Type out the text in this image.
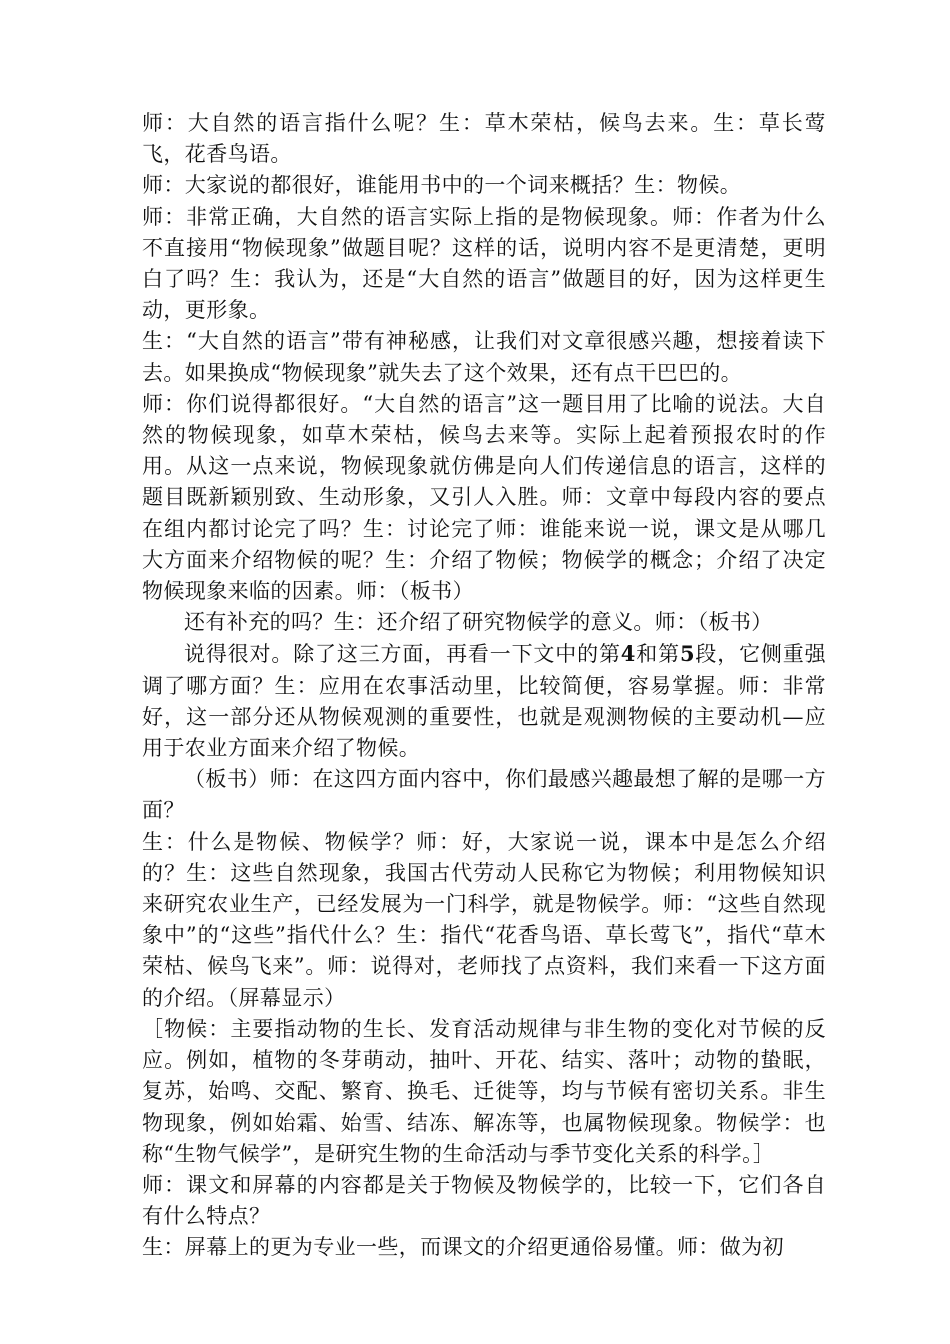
师：大自然的语言指什么呢？生：草木荣枯，候鸟去来。生：草长莺飞，花香鸟语。

师：大家说的都很好，谁能用书中的一个词来概括？生：物候。

师：非常正确，大自然的语言实际上指的是物候现象。师：作者为什么不直接用“物候现象”做题目呢？这样的话，说明内容不是更清楚，更明白了吗？生：我认为，还是“大自然的语言”做题目的好，因为这样更生动，更形象。

生：“大自然的语言”带有神秘感，让我们对文章很感兴趣，想接着读下去。如果换成“物候现象”就失去了这个效果，还有点干巴巴的。

师：你们说得都很好。“大自然的语言”这一题目用了比喻的说法。大自然的物候现象，如草木荣枯，候鸟去来等。实际上起着预报农时的作用。从这一点来说，物候现象就仿佛是向人们传递信息的语言，这样的题目既新颖别致、生动形象，又引人入胜。师：文章中每段内容的要点在组内都讨论完了吗？生：讨论完了师：谁能来说一说，课文是从哪几大方面来介绍物候的呢？生：介绍了物候；物候学的概念；介绍了决定物候现象来临的因素。师：（板书）

还有补充的吗？生：还介绍了研究物候学的意义。师：（板书）

说得很对。除了这三方面，再看一下文中的第4和第5段，它侧重强调了哪方面？生：应用在农事活动里，比较简便，容易掌握。师：非常好，这一部分还从物候观测的重要性，也就是观测物候的主要动机—应用于农业方面来介绍了物候。

（板书）师：在这四方面内容中，你们最感兴趣最想了解的是哪一方面？

生：什么是物候、物候学？师：好，大家说一说，课本中是怎么介绍的？生：这些自然现象，我国古代劳动人民称它为物候；利用物候知识来研究农业生产，已经发展为一门科学，就是物候学。师：“这些自然现象中”的“这些”指代什么？生：指代“花香鸟语、草长莺飞”，指代“草木荣枯、候鸟飞来”。师：说得对，老师找了点资料，我们来看一下这方面的介绍。（屏幕显示）

［物候：主要指动物的生长、发育活动规律与非生物的变化对节候的反应。例如，植物的冬芽萌动，抽叶、开花、结实、落叶；动物的蛰眠，复苏，始鸣、交配、繁育、换毛、迁徙等，均与节候有密切关系。非生物现象，例如始霜、始雪、结冻、解冻等，也属物候现象。物候学：也称“生物气候学”，是研究生物的生命活动与季节变化关系的科学。］

师：课文和屏幕的内容都是关于物候及物候学的，比较一下，它们各自有什么特点？

生：屏幕上的更为专业一些，而课文的介绍更通俗易懂。师：做为初
